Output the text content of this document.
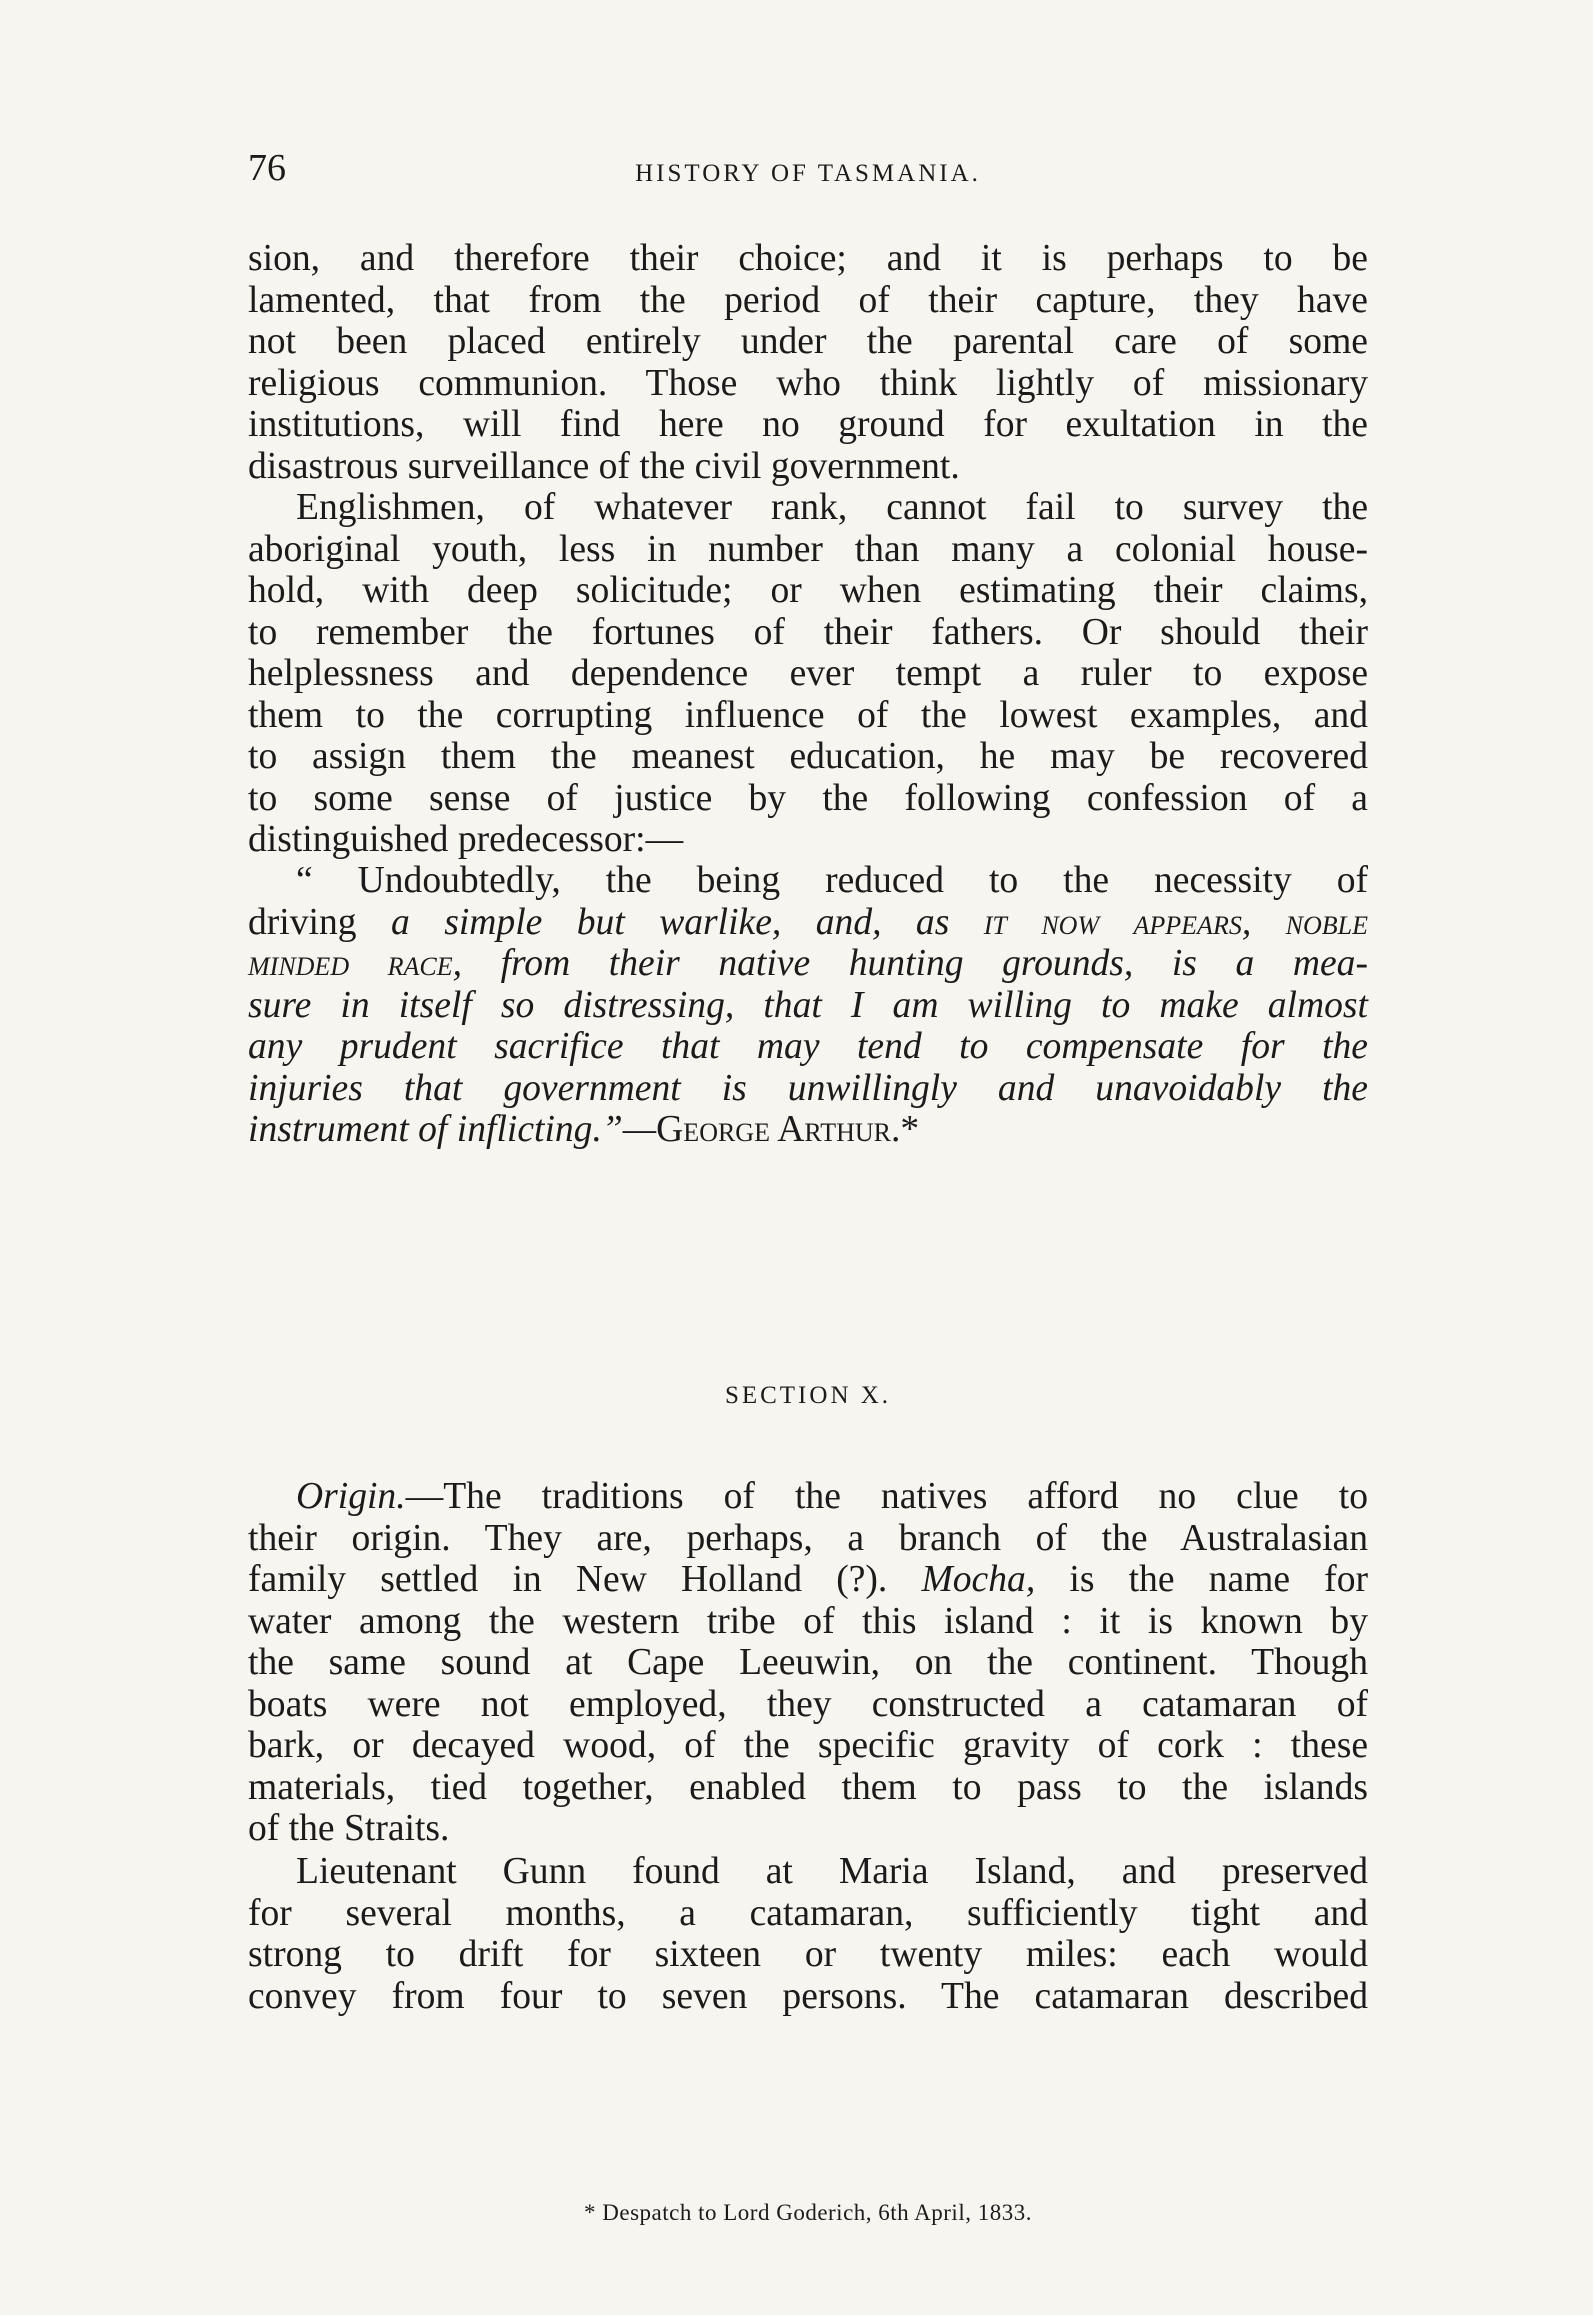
76	HISTORY OF TASMANIA.
sion, and therefore their choice; and it is perhaps to be
lamented, that from the period of their capture, they have
not been placed entirely under the parental care of some
religious communion. Those who think lightly of missionary
institutions, will find here no ground for exultation in the
disastrous surveillance of the civil government.
Englishmen, of whatever rank, cannot fail to survey the
aboriginal youth, less in number than many a colonial house-
hold, with deep solicitude; or when estimating their claims,
to remember the fortunes of their fathers. Or should their
helplessness and dependence ever tempt a ruler to expose
them to the corrupting influence of the lowest examples, and
to assign them the meanest education, he may be recovered
to some sense of justice by the following confession of a
distinguished predecessor:—
“ Undoubtedly, the being reduced to the necessity of
driving a simple but warlike, and, as it now appears, noble
minded race, from their native hunting grounds, is a mea-
sure in itself so distressing, that I am willing to make almost
any prudent sacrifice that may tend to compensate for the
injuries that government is unwillingly and unavoidably the
instrument of inflicting.”—George Arthur.*
SECTION X.
Origin.—The traditions of the natives afford no clue to
their origin. They are, perhaps, a branch of the Australasian
family settled in New Holland (?). Mocha, is the name for
water among the western tribe of this island : it is known by
the same sound at Cape Leeuwin, on the continent. Though
boats were not employed, they constructed a catamaran of
bark, or decayed wood, of the specific gravity of cork : these
materials, tied together, enabled them to pass to the islands
of the Straits.
Lieutenant Gunn found at Maria Island, and preserved
for several months, a catamaran, sufficiently tight and
strong to drift for sixteen or twenty miles: each would
convey from four to seven persons. The catamaran described
* Despatch to Lord Goderich, 6th April, 1833.
